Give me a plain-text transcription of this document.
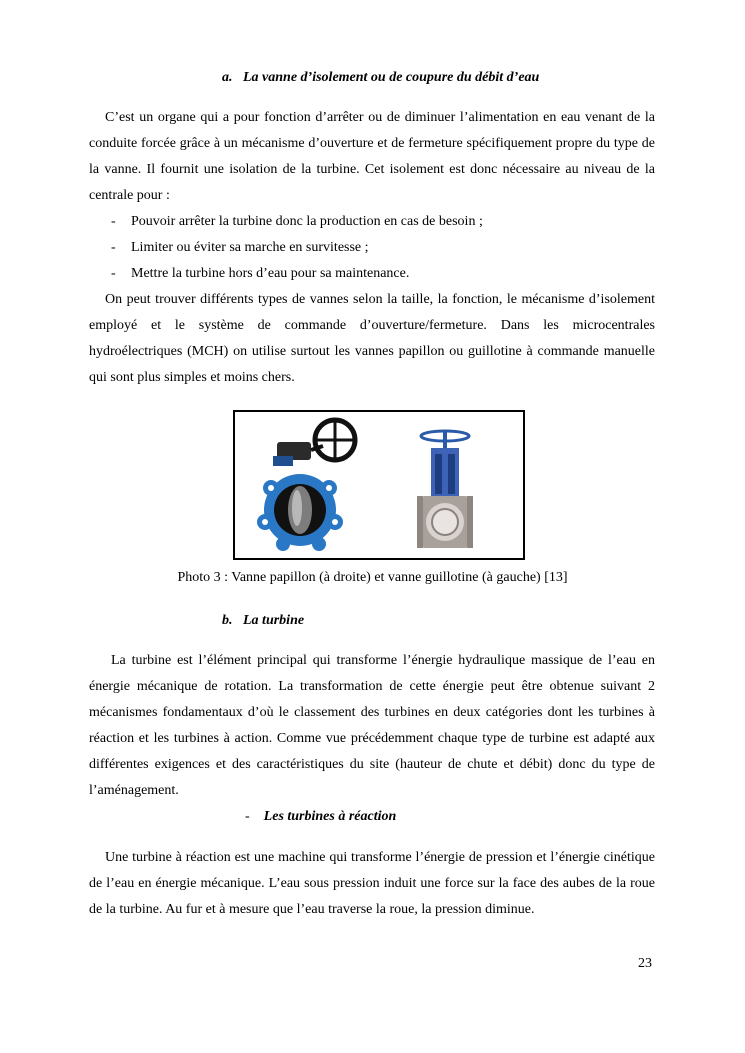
a.   La vanne d’isolement ou de coupure du débit d’eau

C’est un organe qui a pour fonction d’arrêter ou de diminuer l’alimentation en eau venant de la conduite forcée grâce à un mécanisme d’ouverture et de fermeture spécifiquement propre du type de la vanne. Il fournit une isolation de la turbine. Cet isolement est donc nécessaire au niveau de la centrale pour :

- Pouvoir arrêter la turbine donc la production en cas de besoin ;
- Limiter ou éviter sa marche en survitesse ;
- Mettre la turbine hors d’eau pour sa maintenance.

On peut trouver différents types de vannes selon la taille, la fonction, le mécanisme d’isolement employé et le système de commande d’ouverture/fermeture. Dans les microcentrales hydroélectriques (MCH) on utilise surtout les vannes papillon ou guillotine à commande manuelle qui sont plus simples et moins chers.

Photo 3 : Vanne papillon (à droite) et vanne guillotine (à gauche) [13]
b.   La turbine

La turbine est l’élément principal qui transforme l’énergie hydraulique massique de l’eau en énergie mécanique de rotation. La transformation de cette énergie peut être obtenue suivant 2 mécanismes fondamentaux d’où le classement des turbines en deux catégories dont les turbines à réaction et les turbines à action. Comme vue précédemment chaque type de turbine est adapté aux différentes exigences et des caractéristiques du site (hauteur de chute et débit) donc du type de l’aménagement.

- Les turbines à réaction

Une turbine à réaction est une machine qui transforme l’énergie de pression et l’énergie cinétique de l’eau en énergie mécanique. L’eau sous pression induit une force sur la face des aubes de la roue de la turbine. Au fur et à mesure que l’eau traverse la roue, la pression diminue.

23
